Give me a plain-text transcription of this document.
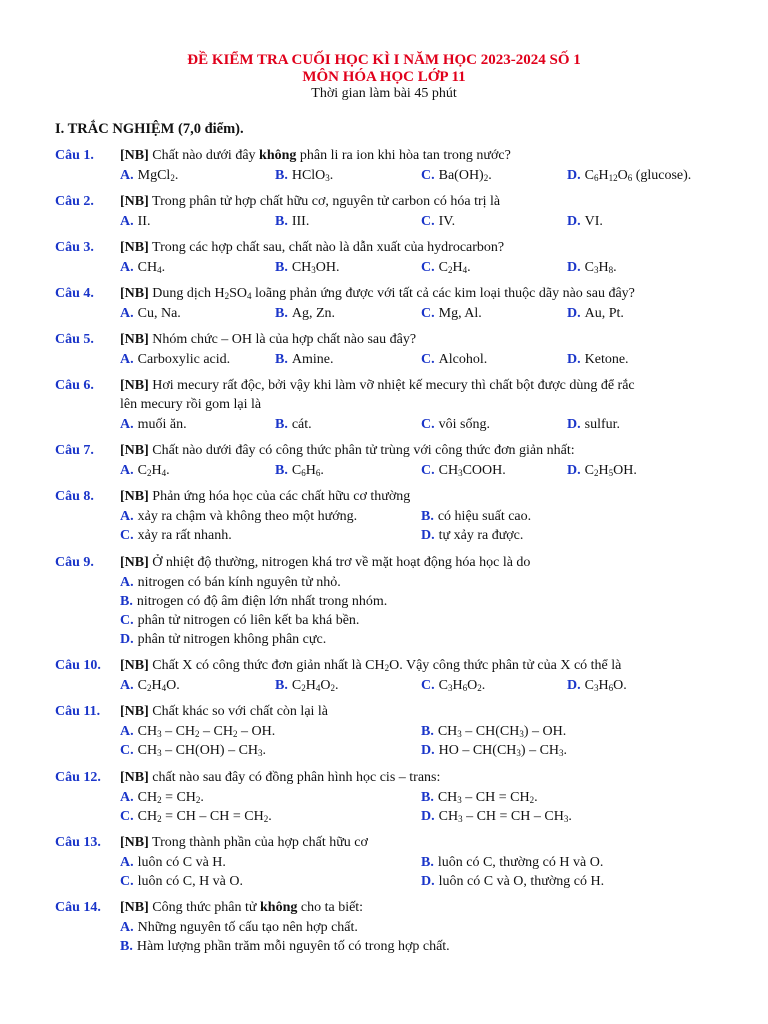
ĐỀ KIỂM TRA CUỐI HỌC KÌ I NĂM HỌC 2023-2024 SỐ 1
MÔN HÓA HỌC LỚP 11
Thời gian làm bài 45 phút
I. TRẮC NGHIỆM (7,0 điểm).
Câu 1. [NB] Chất nào dưới đây không phân li ra ion khi hòa tan trong nước?
A. MgCl$_2$.	B. HClO$_3$.	C. $Ba(OH)_2$.	D. $C_6H_{12}O_6$ (glucose).
Câu 2. [NB] Trong phân tử hợp chất hữu cơ, nguyên tử carbon có hóa trị là
A. II.	B. III.	C. IV.	D. VI.
Câu 3. [NB] Trong các hợp chất sau, chất nào là dẫn xuất của hydrocarbon?
A. $CH_4$.	B. $CH_3OH$.	C. $C_2H_4$.	D. $C_3H_8$.
Câu 4. [NB] Dung dịch $H_2SO_4$ loãng phản ứng được với tất cả các kim loại thuộc dãy nào sau đây?
A. Cu, Na.	B. Ag, Zn.	C. Mg, Al.	D. Au, Pt.
Câu 5. [NB] Nhóm chức – OH là của hợp chất nào sau đây?
A. Carboxylic acid.	B. Amine.	C. Alcohol.	D. Ketone.
Câu 6. [NB] Hơi mecury rất độc, bởi vậy khi làm vỡ nhiệt kế mecury thì chất bột được dùng để rắc
lên mecury rồi gom lại là
A. muối ăn.	B. cát.	C. vôi sống.	D. sulfur.
Câu 7. [NB] Chất nào dưới đây có công thức phân tử trùng với công thức đơn giản nhất:
A. $C_2H_4$.	B. $C_6H_6$.	C. $CH_3COOH$.	D. $C_2H_5OH$.
Câu 8. [NB] Phản ứng hóa học của các chất hữu cơ thường
A. xảy ra chậm và không theo một hướng.	B. có hiệu suất cao.
C. xảy ra rất nhanh.	D. tự xảy ra được.
Câu 9. [NB] Ở nhiệt độ thường, nitrogen khá trơ về mặt hoạt động hóa học là do
A. nitrogen có bán kính nguyên tử nhỏ.
B. nitrogen có độ âm điện lớn nhất trong nhóm.
C. phân tử nitrogen có liên kết ba khá bền.
D. phân tử nitrogen không phân cực.
Câu 10. [NB] Chất X có công thức đơn giản nhất là $CH_2O$. Vậy công thức phân tử của X có thể là
A. $C_2H_4O$.	B. $C_2H_4O_2$.	C. $C_3H_6O_2$.	D. $C_3H_6O$.
Câu 11. [NB] Chất khác so với chất còn lại là
A. $CH_3 - CH_2 - CH_2$ – OH.	B. $CH_3 - CH(CH_3)$ – OH.
C. $CH_3 - CH(OH) - CH_3$.	D. HO – $CH(CH_3) - CH_3$.
Câu 12. [NB] chất nào sau đây có đồng phân hình học cis – trans:
A. $CH_2 = CH_2$.	B. $CH_3$ – CH = $CH_2$.
C. $CH_2$ = CH – CH = $CH_2$.	D. $CH_3$ – CH = CH – $CH_3$.
Câu 13. [NB] Trong thành phần của hợp chất hữu cơ
A. luôn có C và H.	B. luôn có C, thường có H và O.
C. luôn có C, H và O.	D. luôn có C và O, thường có H.
Câu 14. [NB] Công thức phân tử không cho ta biết:
A. Những nguyên tố cấu tạo nên hợp chất.
B. Hàm lượng phần trăm mỗi nguyên tố có trong hợp chất.
